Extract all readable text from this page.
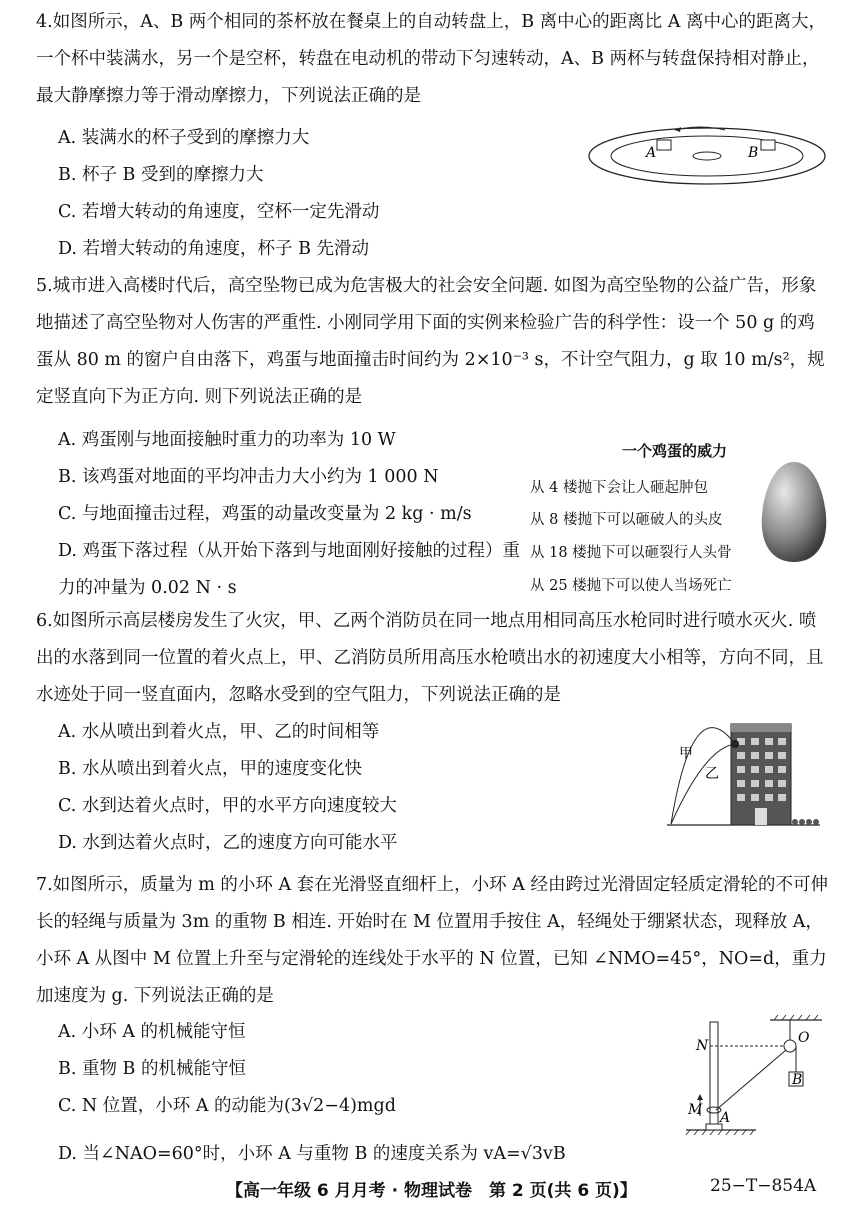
4.如图所示，A、B 两个相同的茶杯放在餐桌上的自动转盘上，B 离中心的距离比 A 离中心的距离大，一个杯中装满水，另一个是空杯，转盘在电动机的带动下匀速转动，A、B 两杯与转盘保持相对静止，最大静摩擦力等于滑动摩擦力，下列说法正确的是
A. 装满水的杯子受到的摩擦力大
B. 杯子 B 受到的摩擦力大
C. 若增大转动的角速度，空杯一定先滑动
D. 若增大转动的角速度，杯子 B 先滑动
A	B
5.城市进入高楼时代后，高空坠物已成为危害极大的社会安全问题. 如图为高空坠物的公益广告，形象地描述了高空坠物对人伤害的严重性. 小刚同学用下面的实例来检验广告的科学性：设一个 50 g 的鸡蛋从 80 m 的窗户自由落下，鸡蛋与地面撞击时间约为 2×10⁻³ s，不计空气阻力，g 取 10 m/s²，规定竖直向下为正方向. 则下列说法正确的是
A. 鸡蛋刚与地面接触时重力的功率为 10 W
B. 该鸡蛋对地面的平均冲击力大小约为 1 000 N
C. 与地面撞击过程，鸡蛋的动量改变量为 2 kg · m/s
D. 鸡蛋下落过程（从开始下落到与地面刚好接触的过程）重力的冲量为 0.02 N · s
一个鸡蛋的威力
从 4 楼抛下会让人砸起肿包
从 8 楼抛下可以砸破人的头皮
从 18 楼抛下可以砸裂行人头骨
从 25 楼抛下可以使人当场死亡
6.如图所示高层楼房发生了火灾，甲、乙两个消防员在同一地点用相同高压水枪同时进行喷水灭火. 喷出的水落到同一位置的着火点上，甲、乙消防员所用高压水枪喷出水的初速度大小相等，方向不同，且水迹处于同一竖直面内，忽略水受到的空气阻力，下列说法正确的是
A. 水从喷出到着火点，甲、乙的时间相等
B. 水从喷出到着火点，甲的速度变化快
C. 水到达着火点时，甲的水平方向速度较大
D. 水到达着火点时，乙的速度方向可能水平
甲
乙
7.如图所示，质量为 m 的小环 A 套在光滑竖直细杆上，小环 A 经由跨过光滑固定轻质定滑轮的不可伸长的轻绳与质量为 3m 的重物 B 相连. 开始时在 M 位置用手按住 A，轻绳处于绷紧状态，现释放 A，小环 A 从图中 M 位置上升至与定滑轮的连线处于水平的 N 位置，已知 ∠NMO=45°，NO=d，重力加速度为 g. 下列说法正确的是
A. 小环 A 的机械能守恒
B. 重物 B 的机械能守恒
C. N 位置，小环 A 的动能为(3√2−4)mgd
D. 当∠NAO=60°时，小环 A 与重物 B 的速度关系为 vA=√3vB
N	O
M A
B
【高一年级 6 月月考 · 物理试卷　第 2 页(共 6 页)】	25−T−854A
